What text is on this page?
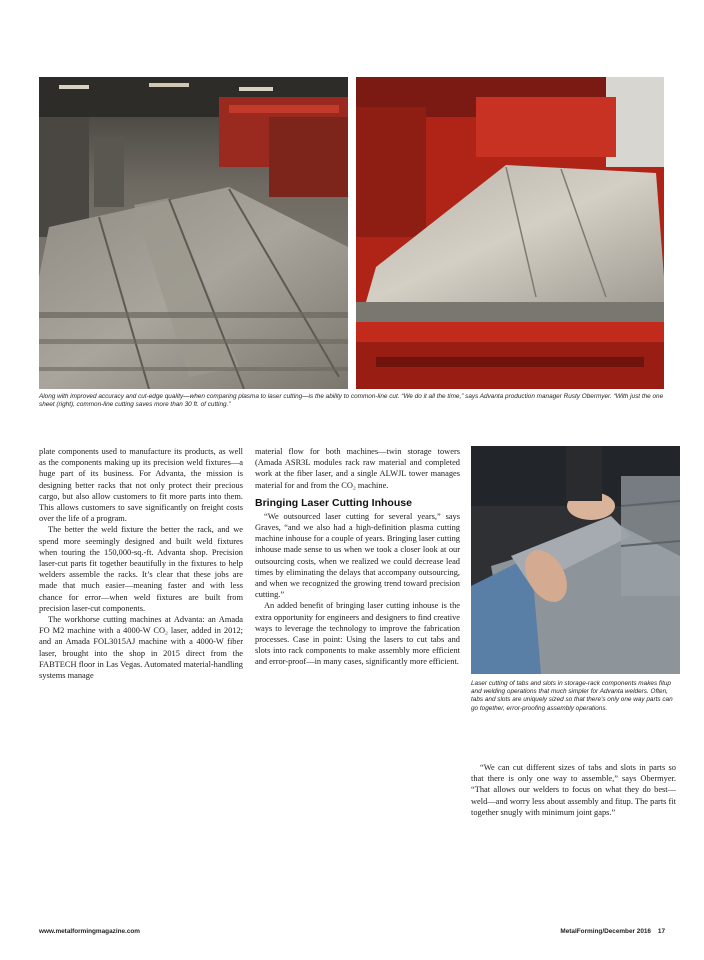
Along with improved accuracy and cut-edge quality—when comparing plasma to laser cutting—is the ability to common-line cut. “We do it all the time,” says Advanta production manager Rusty Obermyer. “With just the one sheet (right), common-line cutting saves more than 30 ft. of cutting.”

plate components used to manufacture its products, as well as the components making up its precision weld fixtures—a huge part of its business. For Advanta, the mission is designing better racks that not only protect their precious cargo, but also allow customers to fit more parts into them. This allows customers to save significantly on freight costs over the life of a program.

The better the weld fixture the better the rack, and we spend more seemingly designed and built weld fixtures when touring the 150,000-sq.-ft. Advanta shop. Precision laser-cut parts fit together beautifully in the fixtures to help welders assemble the racks. It’s clear that these jobs are made that much easier—meaning faster and with less chance for error—when weld fixtures are built from precision laser-cut components.

The workhorse cutting machines at Advanta: an Amada FO M2 machine with a 4000-W CO₂ laser, added in 2012; and an Amada FOL3015AJ machine with a 4000-W fiber laser, brought into the shop in 2015 direct from the FABTECH floor in Las Vegas. Automated material-handling systems manage

material flow for both machines—twin storage towers (Amada ASR3L modules rack raw material and completed work at the fiber laser, and a single ALWJL tower manages material for and from the CO₂ machine.

Bringing Laser Cutting Inhouse

“We outsourced laser cutting for several years,” says Graves, “and we also had a high-definition plasma cutting machine inhouse for a couple of years. Bringing laser cutting inhouse made sense to us when we took a closer look at our outsourcing costs, when we realized we could decrease lead times by eliminating the delays that accompany outsourcing, and when we recognized the growing trend toward precision cutting.”

An added benefit of bringing laser cutting inhouse is the extra opportunity for engineers and designers to find creative ways to leverage the technology to improve the fabrication processes. Case in point: Using the lasers to cut tabs and slots into rack components to make assembly more efficient and error-proof—in many cases, significantly more efficient.

Laser cutting of tabs and slots in storage-rack components makes fitup and welding operations that much simpler for Advanta welders. Often, tabs and slots are uniquely sized so that there’s only one way parts can go together, error-proofing assembly operations.

“We can cut different sizes of tabs and slots in parts so that there is only one way to assemble,” says Obermyer. “That allows our welders to focus on what they do best—weld—and worry less about assembly and fitup. The parts fit together snugly with minimum joint gaps.”

www.metalformingmagazine.com	MetalForming/December 2016 17
